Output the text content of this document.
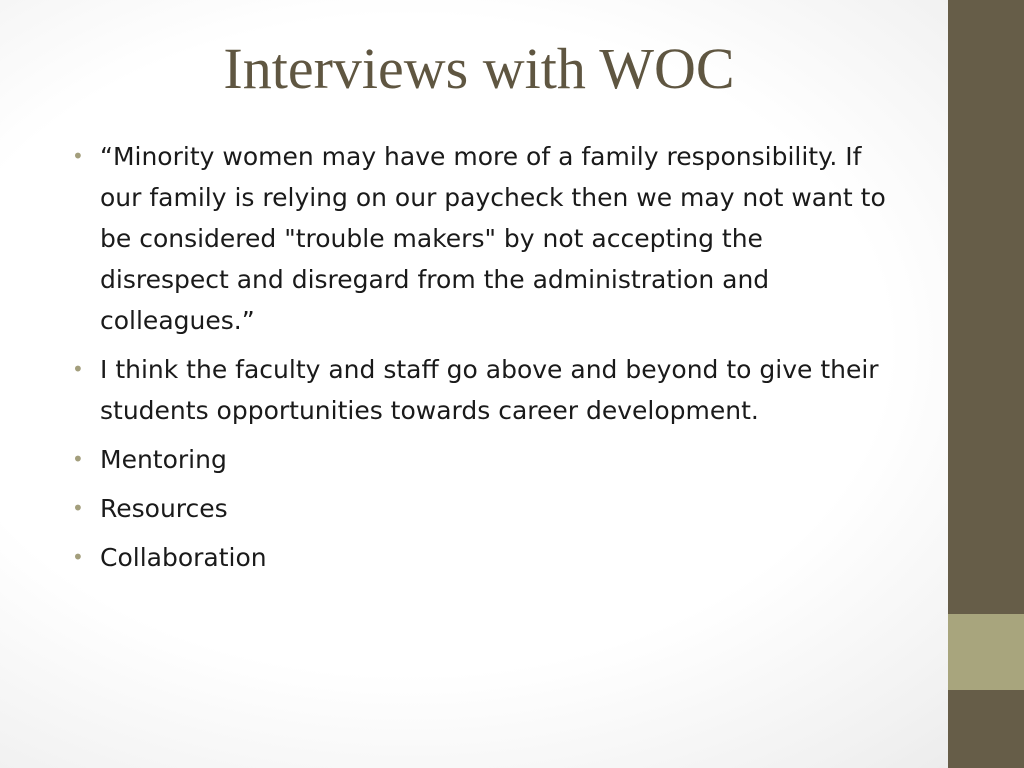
Interviews with WOC
• “Minority women may have more of a family responsibility. If our family is relying on our paycheck then we may not want to be considered "trouble makers" by not accepting the disrespect and disregard from the administration and colleagues.”
• I think the faculty and staff go above and beyond to give their students opportunities towards career development.
• Mentoring
• Resources
• Collaboration
